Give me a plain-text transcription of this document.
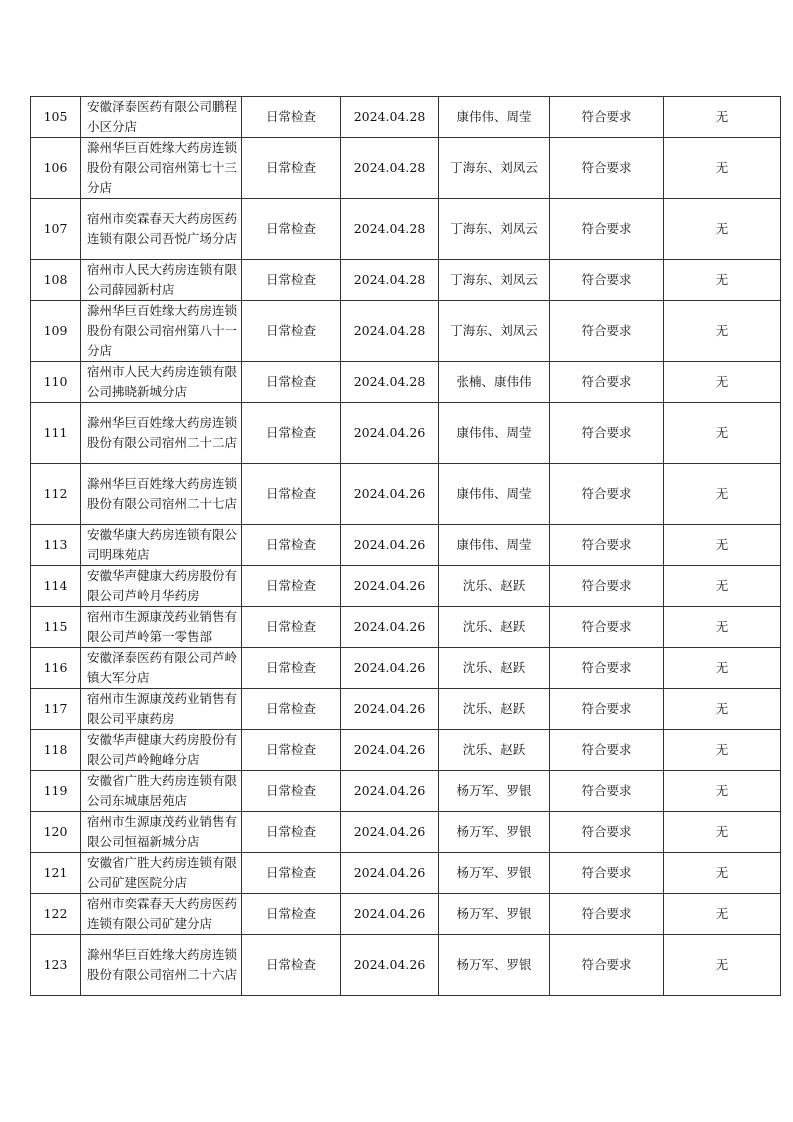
105	安徽泽泰医药有限公司鹏程小区分店	日常检查	2024.04.28	康伟伟、周莹	符合要求	无
106	滁州华巨百姓缘大药房连锁股份有限公司宿州第七十三分店	日常检查	2024.04.28	丁海东、刘凤云	符合要求	无
107	宿州市奕霖春天大药房医药连锁有限公司吾悦广场分店	日常检查	2024.04.28	丁海东、刘凤云	符合要求	无
108	宿州市人民大药房连锁有限公司薛园新村店	日常检查	2024.04.28	丁海东、刘凤云	符合要求	无
109	滁州华巨百姓缘大药房连锁股份有限公司宿州第八十一分店	日常检查	2024.04.28	丁海东、刘凤云	符合要求	无
110	宿州市人民大药房连锁有限公司拂晓新城分店	日常检查	2024.04.28	张楠、康伟伟	符合要求	无
111	滁州华巨百姓缘大药房连锁股份有限公司宿州二十二店	日常检查	2024.04.26	康伟伟、周莹	符合要求	无
112	滁州华巨百姓缘大药房连锁股份有限公司宿州二十七店	日常检查	2024.04.26	康伟伟、周莹	符合要求	无
113	安徽华康大药房连锁有限公司明珠苑店	日常检查	2024.04.26	康伟伟、周莹	符合要求	无
114	安徽华声健康大药房股份有限公司芦岭月华药房	日常检查	2024.04.26	沈乐、赵跃	符合要求	无
115	宿州市生源康茂药业销售有限公司芦岭第一零售部	日常检查	2024.04.26	沈乐、赵跃	符合要求	无
116	安徽泽泰医药有限公司芦岭镇大军分店	日常检查	2024.04.26	沈乐、赵跃	符合要求	无
117	宿州市生源康茂药业销售有限公司平康药房	日常检查	2024.04.26	沈乐、赵跃	符合要求	无
118	安徽华声健康大药房股份有限公司芦岭鲍峰分店	日常检查	2024.04.26	沈乐、赵跃	符合要求	无
119	安徽省广胜大药房连锁有限公司东城康居苑店	日常检查	2024.04.26	杨万军、罗银	符合要求	无
120	宿州市生源康茂药业销售有限公司恒福新城分店	日常检查	2024.04.26	杨万军、罗银	符合要求	无
121	安徽省广胜大药房连锁有限公司矿建医院分店	日常检查	2024.04.26	杨万军、罗银	符合要求	无
122	宿州市奕霖春天大药房医药连锁有限公司矿建分店	日常检查	2024.04.26	杨万军、罗银	符合要求	无
123	滁州华巨百姓缘大药房连锁股份有限公司宿州二十六店	日常检查	2024.04.26	杨万军、罗银	符合要求	无
